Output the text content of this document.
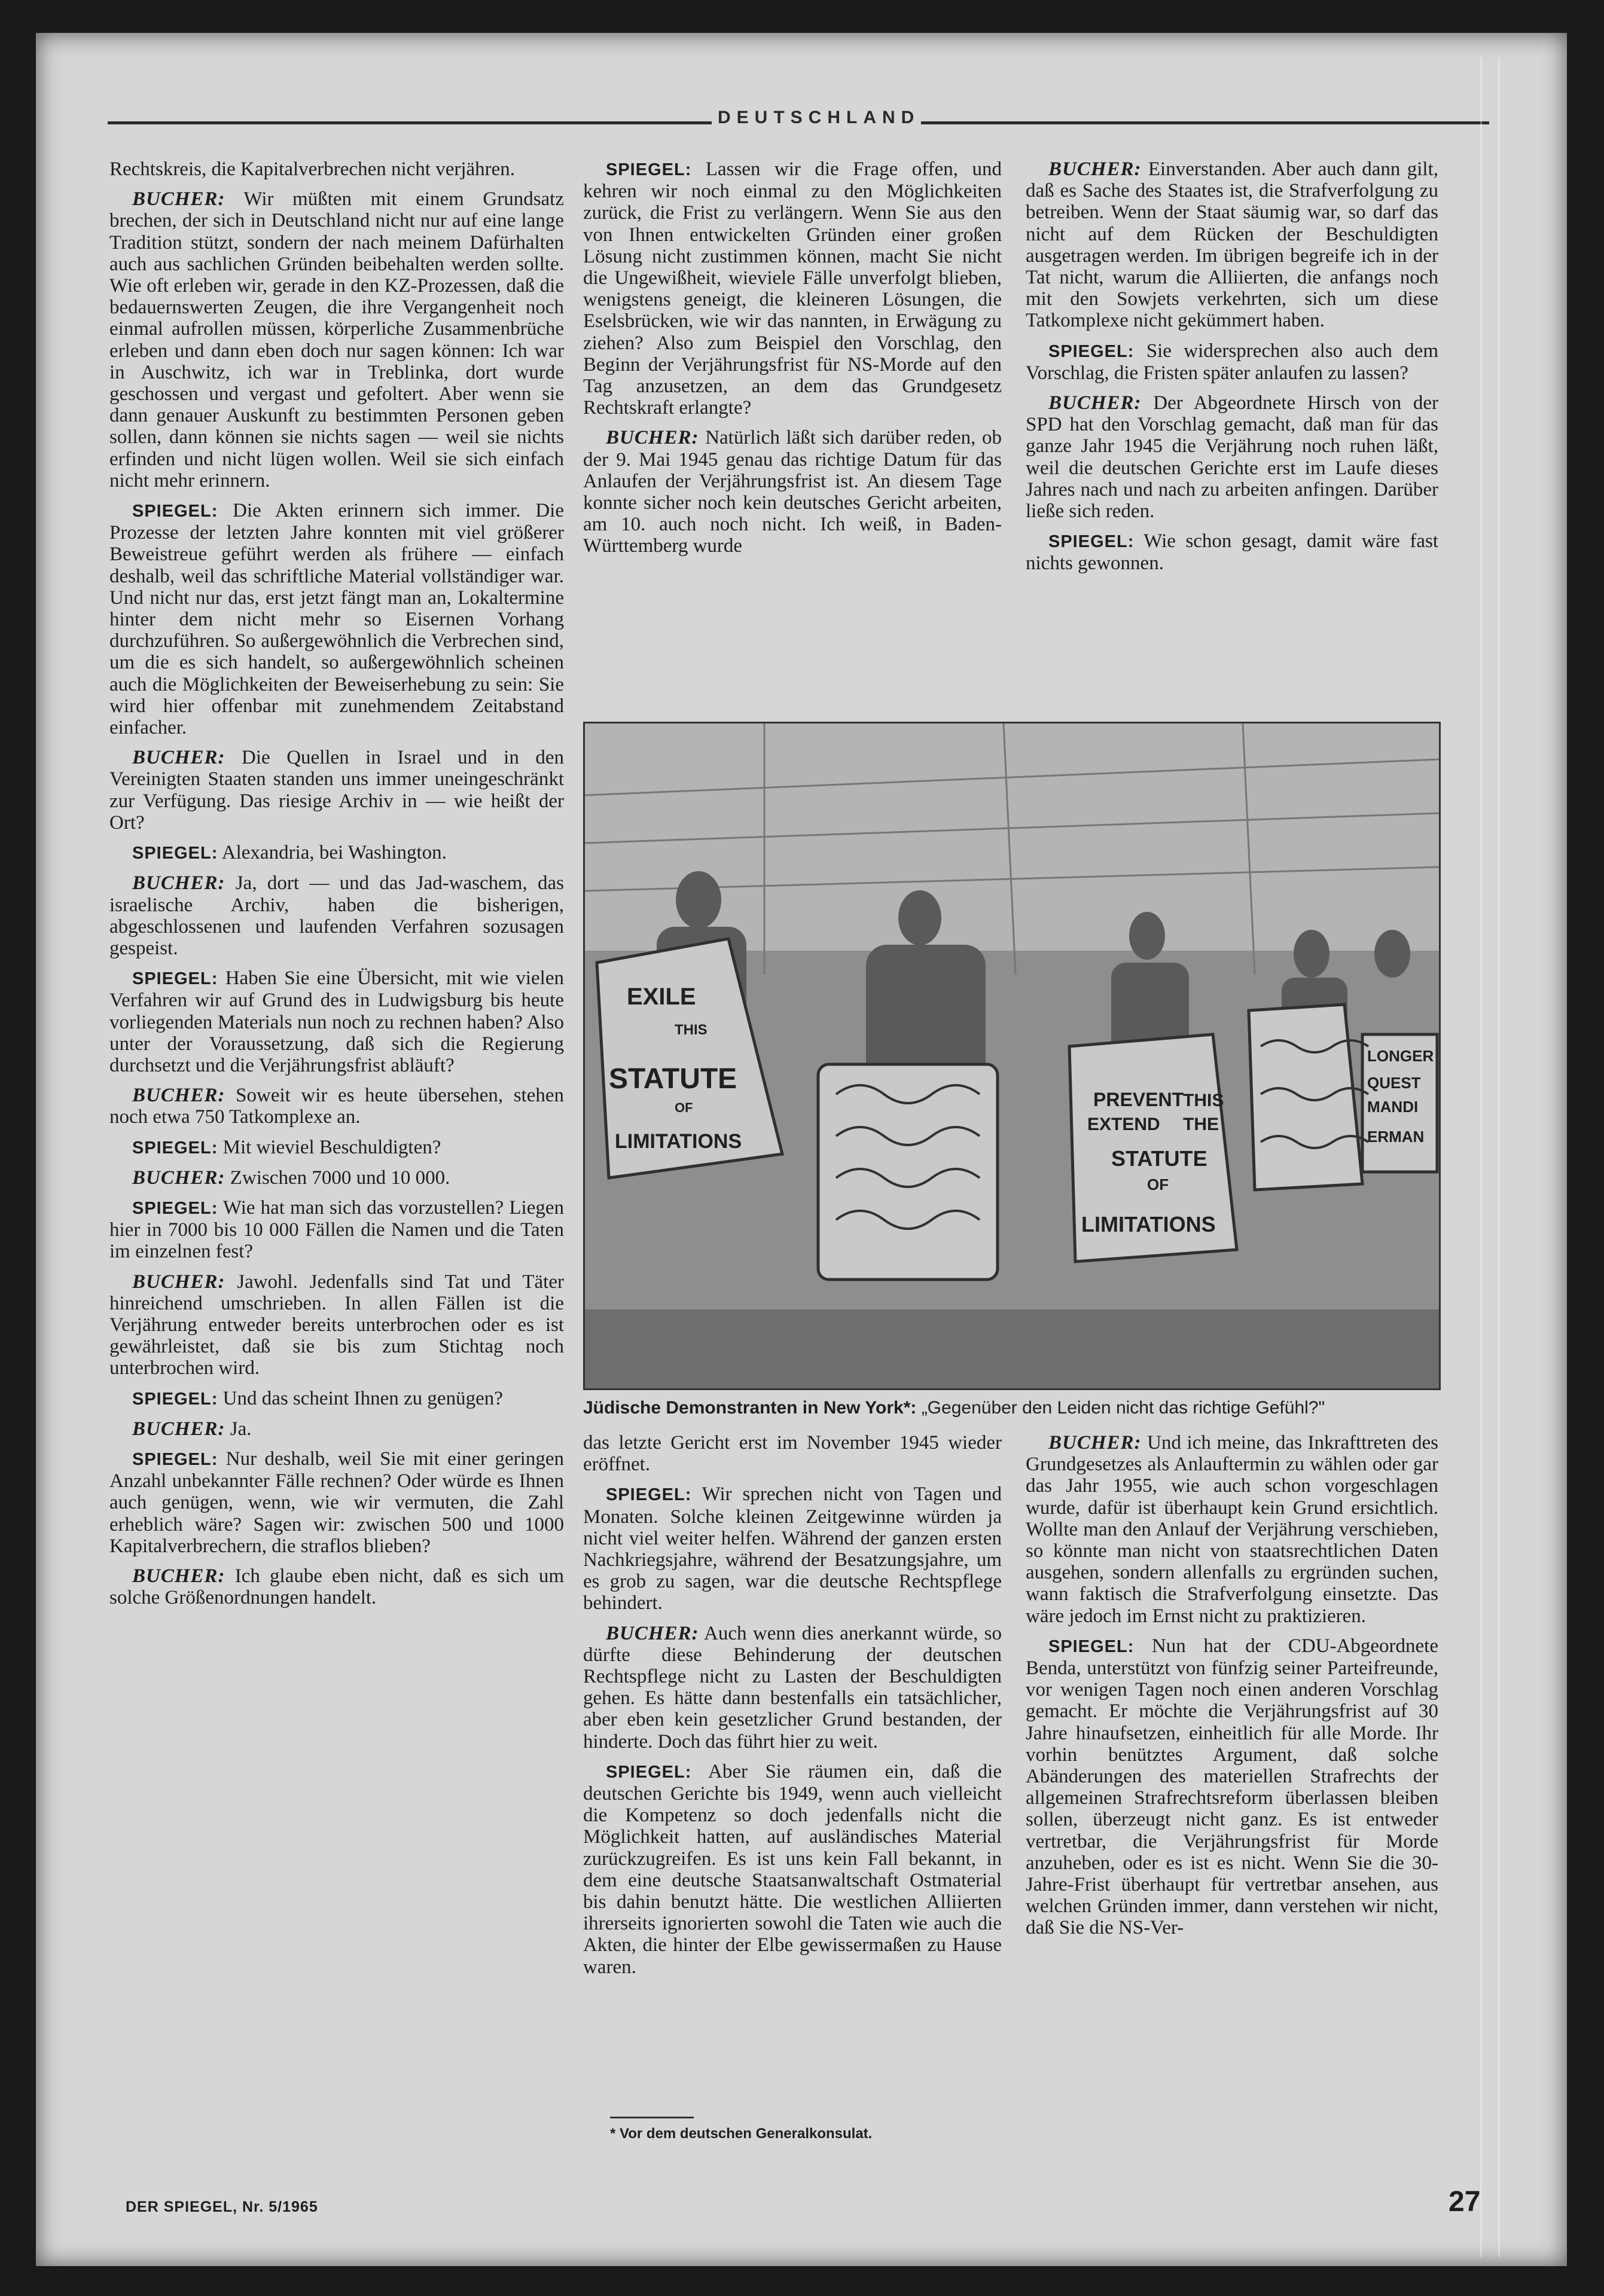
DEUTSCHLAND

Rechtskreis, die Kapitalverbrechen nicht verjähren.

BUCHER: Wir müßten mit einem Grundsatz brechen, der sich in Deutschland nicht nur auf eine lange Tradition stützt, sondern der nach meinem Dafürhalten auch aus sachlichen Gründen beibehalten werden sollte. Wie oft erleben wir, gerade in den KZ-Prozessen, daß die bedauernswerten Zeugen, die ihre Vergangenheit noch einmal aufrollen müssen, körperliche Zusammenbrüche erleben und dann eben doch nur sagen können: Ich war in Auschwitz, ich war in Treblinka, dort wurde geschossen und vergast und gefoltert. Aber wenn sie dann genauer Auskunft zu bestimmten Personen geben sollen, dann können sie nichts sagen — weil sie nichts erfinden und nicht lügen wollen. Weil sie sich einfach nicht mehr erinnern.

SPIEGEL: Die Akten erinnern sich immer. Die Prozesse der letzten Jahre konnten mit viel größerer Beweistreue geführt werden als frühere — einfach deshalb, weil das schriftliche Material vollständiger war. Und nicht nur das, erst jetzt fängt man an, Lokaltermine hinter dem nicht mehr so Eisernen Vorhang durchzuführen. So außergewöhnlich die Verbrechen sind, um die es sich handelt, so außergewöhnlich scheinen auch die Möglichkeiten der Beweiserhebung zu sein: Sie wird hier offenbar mit zunehmendem Zeitabstand einfacher.

BUCHER: Die Quellen in Israel und in den Vereinigten Staaten standen uns immer uneingeschränkt zur Verfügung. Das riesige Archiv in — wie heißt der Ort?

SPIEGEL: Alexandria, bei Washington.

BUCHER: Ja, dort — und das Jad-waschem, das israelische Archiv, haben die bisherigen, abgeschlossenen und laufenden Verfahren sozusagen gespeist.

SPIEGEL: Haben Sie eine Übersicht, mit wie vielen Verfahren wir auf Grund des in Ludwigsburg bis heute vorliegenden Materials nun noch zu rechnen haben? Also unter der Voraussetzung, daß sich die Regierung durchsetzt und die Verjährungsfrist abläuft?

BUCHER: Soweit wir es heute übersehen, stehen noch etwa 750 Tatkomplexe an.

SPIEGEL: Mit wieviel Beschuldigten?

BUCHER: Zwischen 7000 und 10 000.

SPIEGEL: Wie hat man sich das vorzustellen? Liegen hier in 7000 bis 10 000 Fällen die Namen und die Taten im einzelnen fest?

BUCHER: Jawohl. Jedenfalls sind Tat und Täter hinreichend umschrieben. In allen Fällen ist die Verjährung entweder bereits unterbrochen oder es ist gewährleistet, daß sie bis zum Stichtag noch unterbrochen wird.

SPIEGEL: Und das scheint Ihnen zu genügen?

BUCHER: Ja.

SPIEGEL: Nur deshalb, weil Sie mit einer geringen Anzahl unbekannter Fälle rechnen? Oder würde es Ihnen auch genügen, wenn, wie wir vermuten, die Zahl erheblich wäre? Sagen wir: zwischen 500 und 1000 Kapitalverbrechern, die straflos blieben?

BUCHER: Ich glaube eben nicht, daß es sich um solche Größenordnungen handelt.

SPIEGEL: Lassen wir die Frage offen, und kehren wir noch einmal zu den Möglichkeiten zurück, die Frist zu verlängern. Wenn Sie aus den von Ihnen entwickelten Gründen einer großen Lösung nicht zustimmen können, macht Sie nicht die Ungewißheit, wieviele Fälle unverfolgt blieben, wenigstens geneigt, die kleineren Lösungen, die Eselsbrücken, wie wir das nannten, in Erwägung zu ziehen? Also zum Beispiel den Vorschlag, den Beginn der Verjährungsfrist für NS-Morde auf den Tag anzusetzen, an dem das Grundgesetz Rechtskraft erlangte?

BUCHER: Natürlich läßt sich darüber reden, ob der 9. Mai 1945 genau das richtige Datum für das Anlaufen der Verjährungsfrist ist. An diesem Tage konnte sicher noch kein deutsches Gericht arbeiten, am 10. auch noch nicht. Ich weiß, in Baden-Württemberg wurde

BUCHER: Einverstanden. Aber auch dann gilt, daß es Sache des Staates ist, die Strafverfolgung zu betreiben. Wenn der Staat säumig war, so darf das nicht auf dem Rücken der Beschuldigten ausgetragen werden. Im übrigen begreife ich in der Tat nicht, warum die Alliierten, die anfangs noch mit den Sowjets verkehrten, sich um diese Tatkomplexe nicht gekümmert haben.

SPIEGEL: Sie widersprechen also auch dem Vorschlag, die Fristen später anlaufen zu lassen?

BUCHER: Der Abgeordnete Hirsch von der SPD hat den Vorschlag gemacht, daß man für das ganze Jahr 1945 die Verjährung noch ruhen läßt, weil die deutschen Gerichte erst im Laufe dieses Jahres nach und nach zu arbeiten anfingen. Darüber ließe sich reden.

SPIEGEL: Wie schon gesagt, damit wäre fast nichts gewonnen.

EXILE
THIS
STATUTE
OF
LIMITATIONS
PREVENT
THIS
EXTEND THE
STATUTE
OF
LIMITATIONS
LONGER
QUEST
MANDI
ERMAN
Jüdische Demonstranten in New York*: „Gegenüber den Leiden nicht das richtige Gefühl?"

das letzte Gericht erst im November 1945 wieder eröffnet.

SPIEGEL: Wir sprechen nicht von Tagen und Monaten. Solche kleinen Zeitgewinne würden ja nicht viel weiter helfen. Während der ganzen ersten Nachkriegsjahre, während der Besatzungsjahre, um es grob zu sagen, war die deutsche Rechtspflege behindert.

BUCHER: Auch wenn dies anerkannt würde, so dürfte diese Behinderung der deutschen Rechtspflege nicht zu Lasten der Beschuldigten gehen. Es hätte dann bestenfalls ein tatsächlicher, aber eben kein gesetzlicher Grund bestanden, der hinderte. Doch das führt hier zu weit.

SPIEGEL: Aber Sie räumen ein, daß die deutschen Gerichte bis 1949, wenn auch vielleicht die Kompetenz so doch jedenfalls nicht die Möglichkeit hatten, auf ausländisches Material zurückzugreifen. Es ist uns kein Fall bekannt, in dem eine deutsche Staatsanwaltschaft Ostmaterial bis dahin benutzt hätte. Die westlichen Alliierten ihrerseits ignorierten sowohl die Taten wie auch die Akten, die hinter der Elbe gewissermaßen zu Hause waren.

BUCHER: Und ich meine, das Inkrafttreten des Grundgesetzes als Anlauftermin zu wählen oder gar das Jahr 1955, wie auch schon vorgeschlagen wurde, dafür ist überhaupt kein Grund ersichtlich. Wollte man den Anlauf der Verjährung verschieben, so könnte man nicht von staatsrechtlichen Daten ausgehen, sondern allenfalls zu ergründen suchen, wann faktisch die Strafverfolgung einsetzte. Das wäre jedoch im Ernst nicht zu praktizieren.

SPIEGEL: Nun hat der CDU-Abgeordnete Benda, unterstützt von fünfzig seiner Parteifreunde, vor wenigen Tagen noch einen anderen Vorschlag gemacht. Er möchte die Verjährungsfrist auf 30 Jahre hinaufsetzen, einheitlich für alle Morde. Ihr vorhin benütztes Argument, daß solche Abänderungen des materiellen Strafrechts der allgemeinen Strafrechtsreform überlassen bleiben sollen, überzeugt nicht ganz. Es ist entweder vertretbar, die Verjährungsfrist für Morde anzuheben, oder es ist es nicht. Wenn Sie die 30-Jahre-Frist überhaupt für vertretbar ansehen, aus welchen Gründen immer, dann verstehen wir nicht, daß Sie die NS-Ver-

* Vor dem deutschen Generalkonsulat.
DER SPIEGEL, Nr. 5/1965	27
